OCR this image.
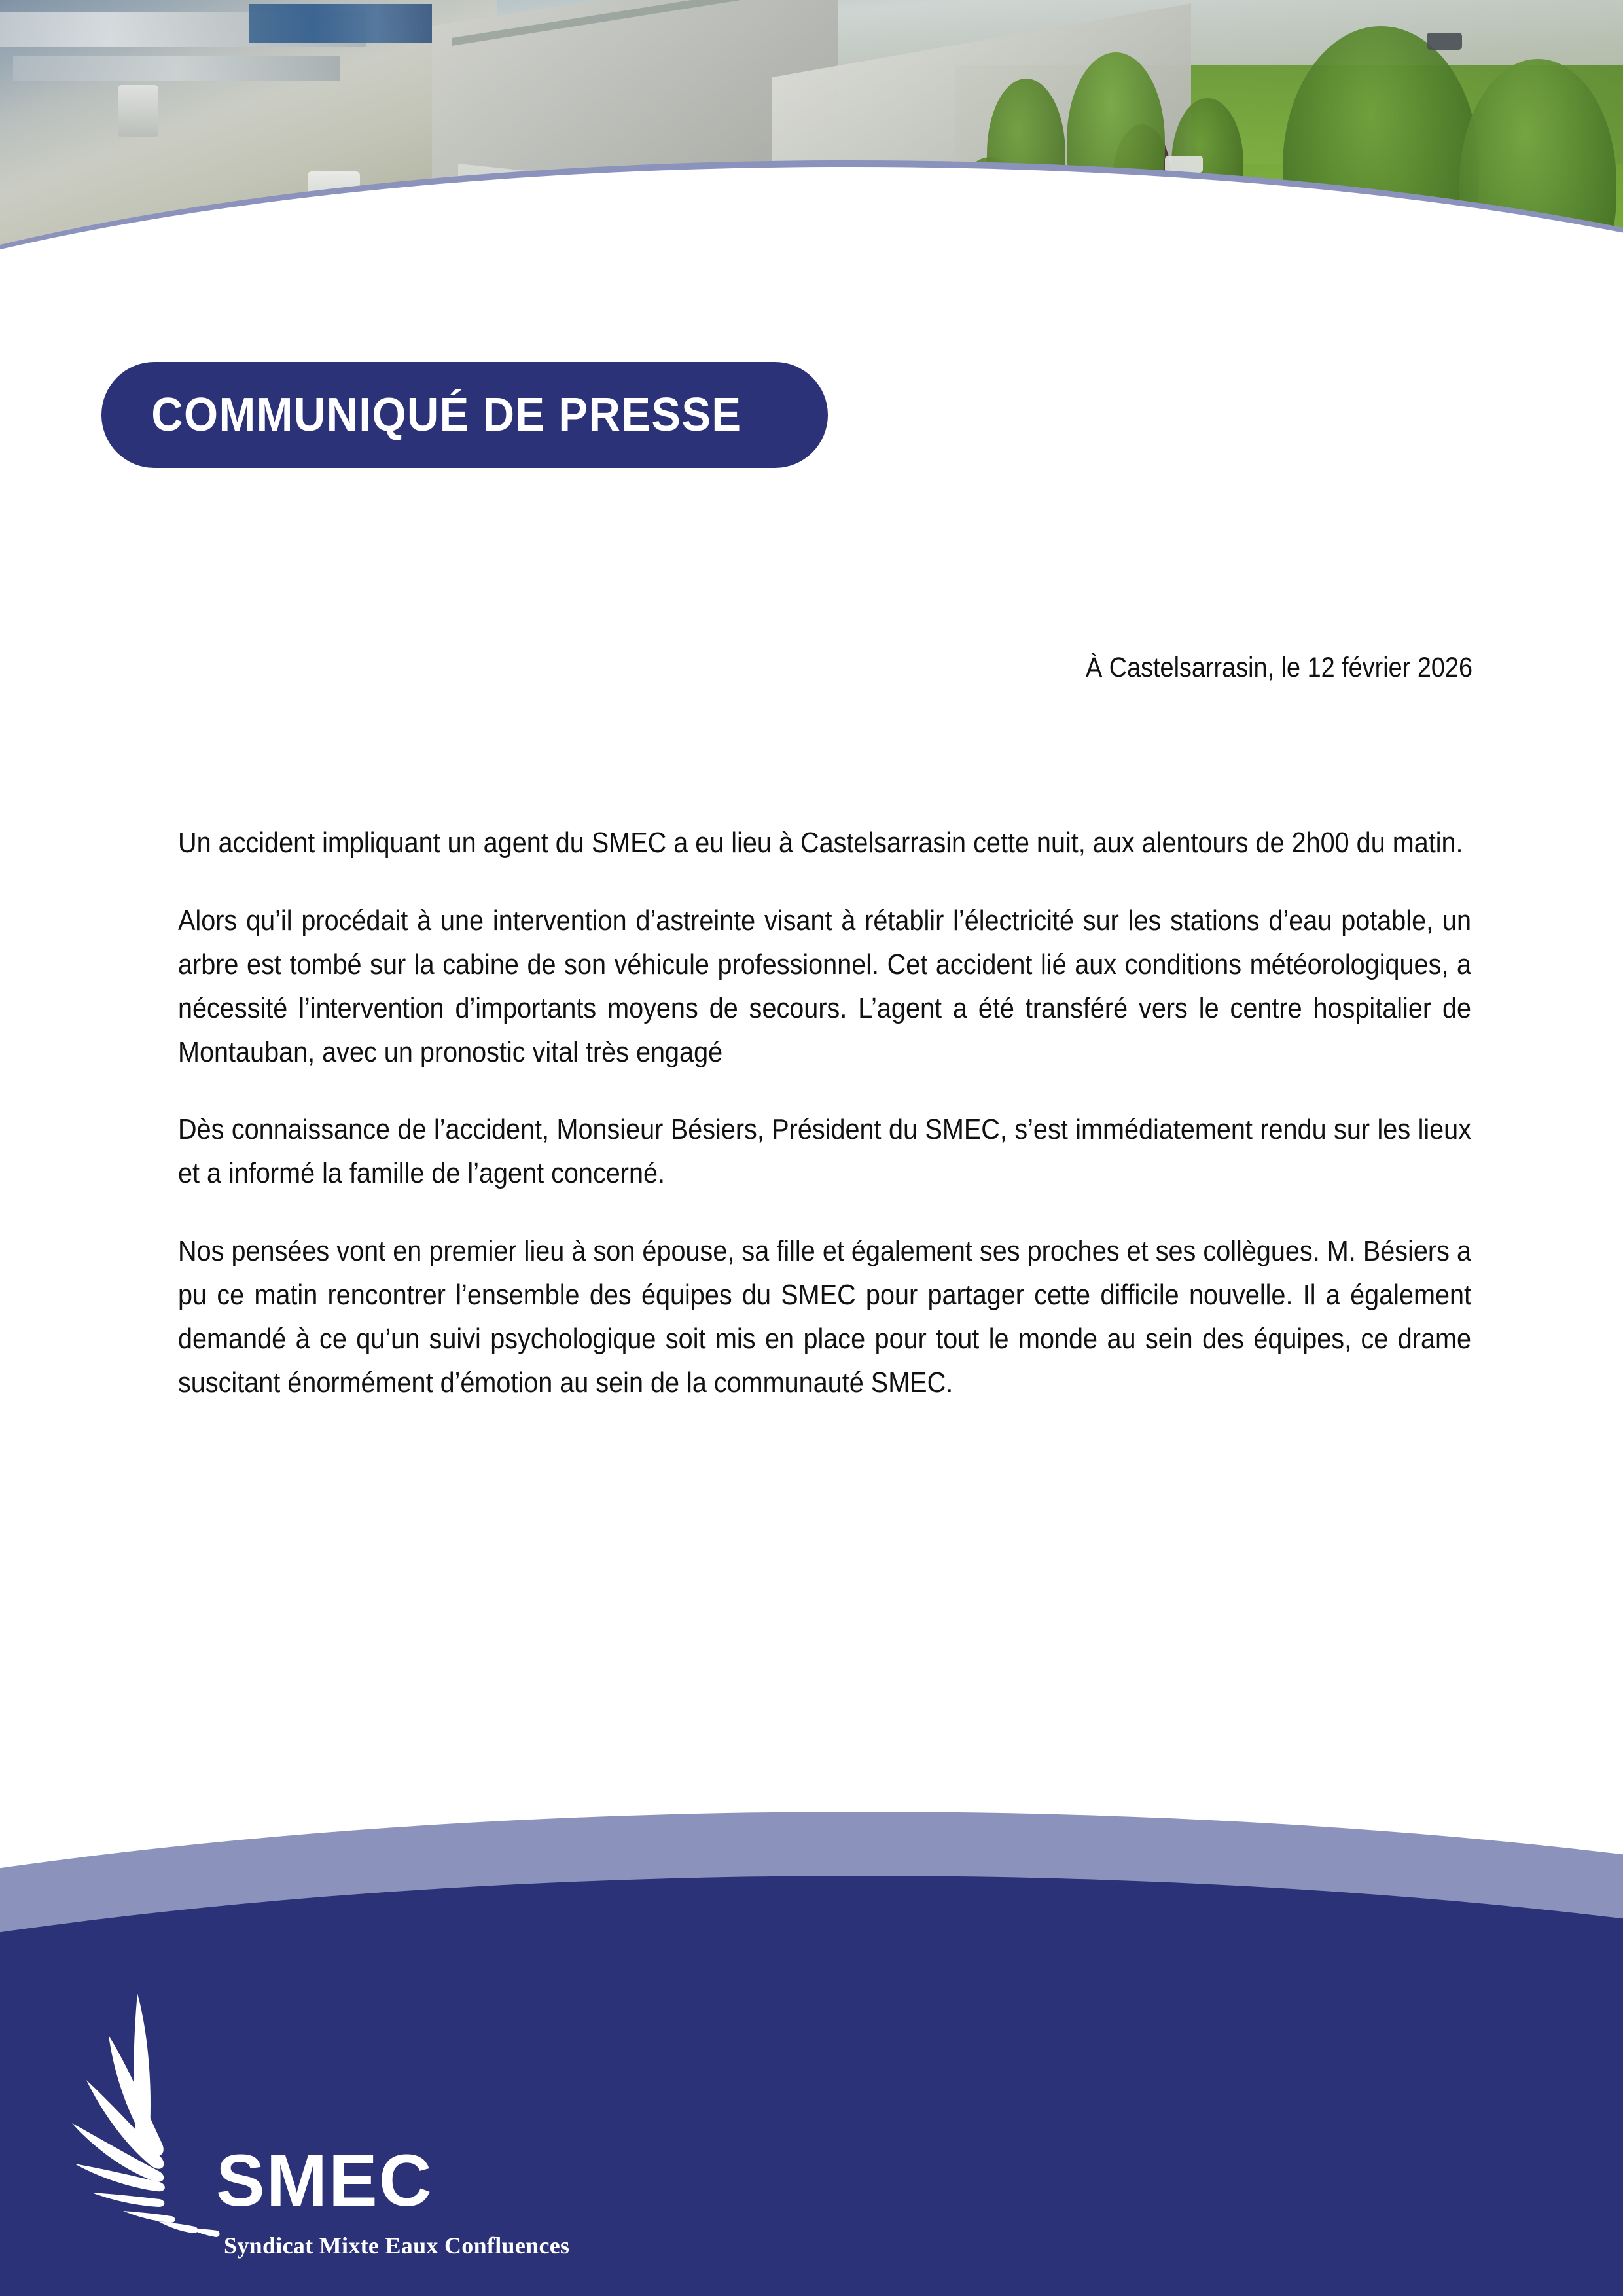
COMMUNIQUÉ DE PRESSE
À Castelsarrasin, le 12 février 2026

Un accident impliquant un agent du SMEC a eu lieu à Castelsarrasin cette nuit, aux alentours de 2h00 du matin.

Alors qu’il procédait à une intervention d’astreinte visant à rétablir l’électricité sur les stations d’eau potable, un arbre est tombé sur la cabine de son véhicule professionnel. Cet accident lié aux conditions météorologiques, a nécessité l’intervention d’importants moyens de secours. L’agent a été transféré vers le centre hospitalier de Montauban, avec un pronostic vital très engagé

Dès connaissance de l’accident, Monsieur Bésiers, Président du SMEC, s’est immédiatement rendu sur les lieux et a informé la famille de l’agent concerné.

Nos pensées vont en premier lieu à son épouse, sa fille et également ses proches et ses collègues. M. Bésiers a pu ce matin rencontrer l’ensemble des équipes du SMEC pour partager cette difficile nouvelle. Il a également demandé à ce qu’un suivi psychologique soit mis en place pour tout le monde au sein des équipes, ce drame suscitant énormément d’émotion au sein de la communauté SMEC.

SMEC
Syndicat Mixte Eaux Confluences
